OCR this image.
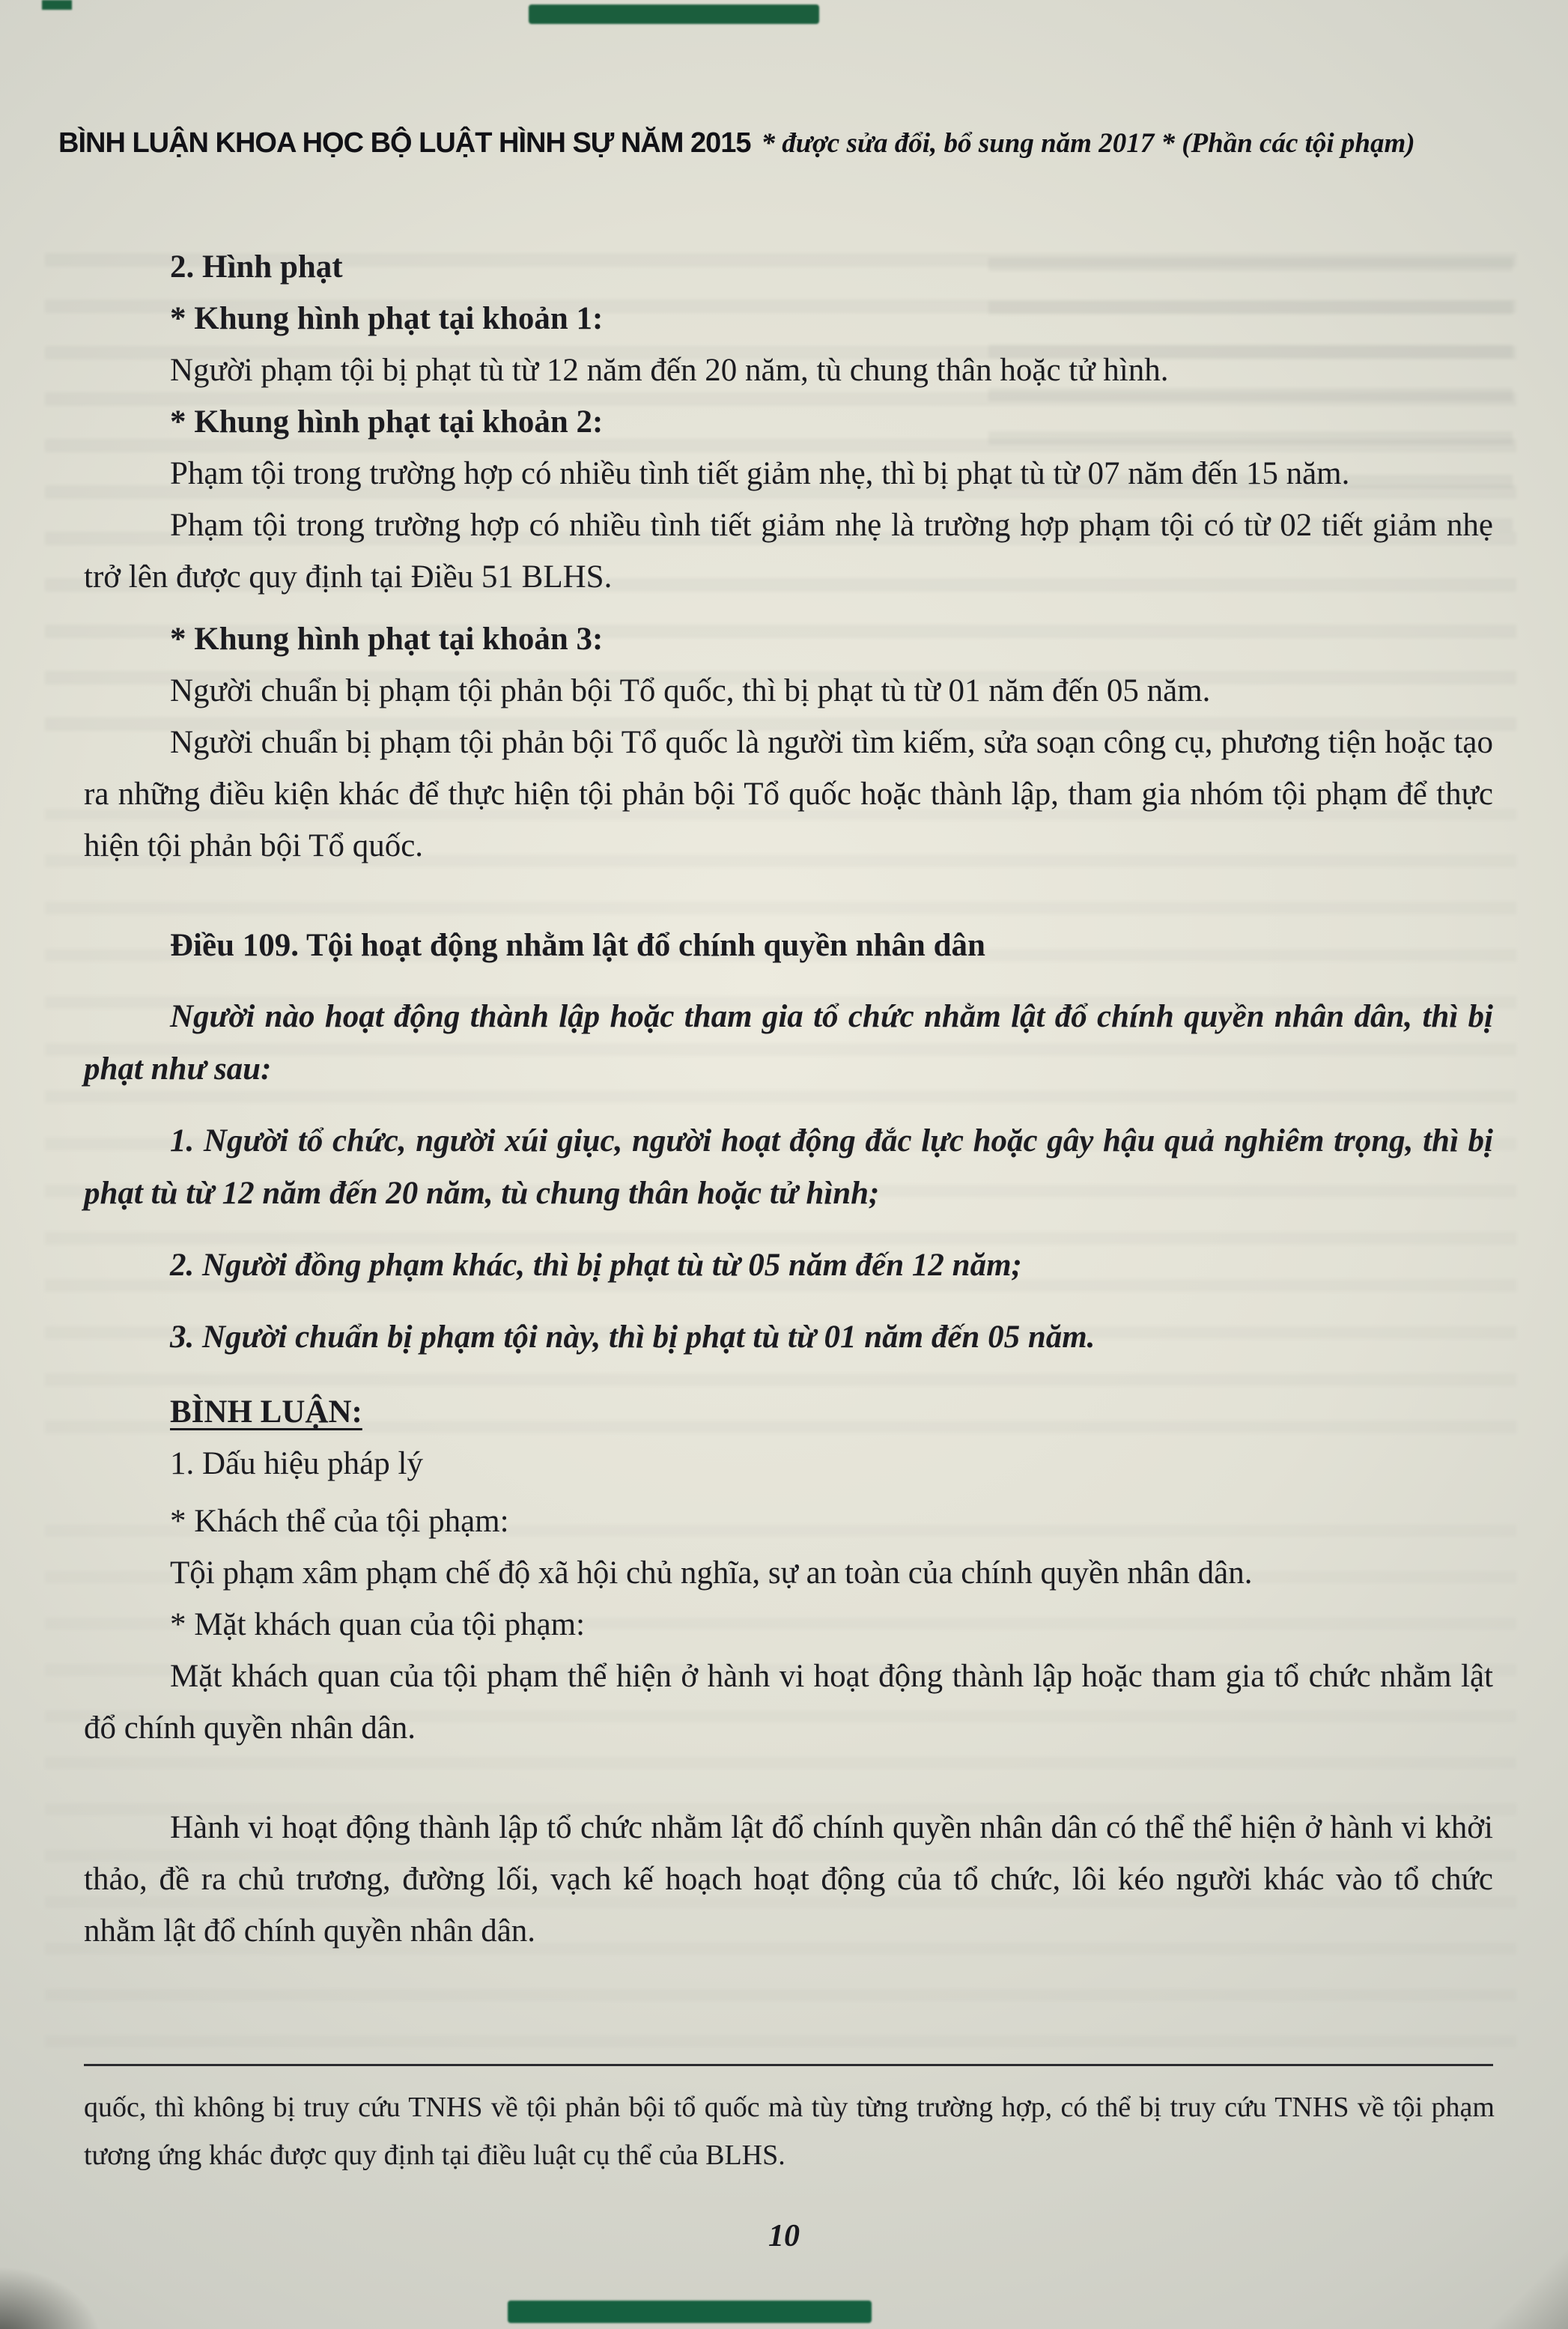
BÌNH LUẬN KHOA HỌC BỘ LUẬT HÌNH SỰ NĂM 2015 * được sửa đổi, bổ sung năm 2017 * (Phần các tội phạm)

2. Hình phạt

* Khung hình phạt tại khoản 1:

Người phạm tội bị phạt tù từ 12 năm đến 20 năm, tù chung thân hoặc tử hình.

* Khung hình phạt tại khoản 2:

Phạm tội trong trường hợp có nhiều tình tiết giảm nhẹ, thì bị phạt tù từ 07 năm đến 15 năm.

Phạm tội trong trường hợp có nhiều tình tiết giảm nhẹ là trường hợp phạm tội có từ 02 tiết giảm nhẹ trở lên được quy định tại Điều 51 BLHS.

* Khung hình phạt tại khoản 3:

Người chuẩn bị phạm tội phản bội Tổ quốc, thì bị phạt tù từ 01 năm đến 05 năm.

Người chuẩn bị phạm tội phản bội Tổ quốc là người tìm kiếm, sửa soạn công cụ, phương tiện hoặc tạo ra những điều kiện khác để thực hiện tội phản bội Tổ quốc hoặc thành lập, tham gia nhóm tội phạm để thực hiện tội phản bội Tổ quốc.

Điều 109. Tội hoạt động nhằm lật đổ chính quyền nhân dân

Người nào hoạt động thành lập hoặc tham gia tổ chức nhằm lật đổ chính quyền nhân dân, thì bị phạt như sau:

1. Người tổ chức, người xúi giục, người hoạt động đắc lực hoặc gây hậu quả nghiêm trọng, thì bị phạt tù từ 12 năm đến 20 năm, tù chung thân hoặc tử hình;

2. Người đồng phạm khác, thì bị phạt tù từ 05 năm đến 12 năm;

3. Người chuẩn bị phạm tội này, thì bị phạt tù từ 01 năm đến 05 năm.

BÌNH LUẬN:

1. Dấu hiệu pháp lý

* Khách thể của tội phạm:

Tội phạm xâm phạm chế độ xã hội chủ nghĩa, sự an toàn của chính quyền nhân dân.

* Mặt khách quan của tội phạm:

Mặt khách quan của tội phạm thể hiện ở hành vi hoạt động thành lập hoặc tham gia tổ chức nhằm lật đổ chính quyền nhân dân.

Hành vi hoạt động thành lập tổ chức nhằm lật đổ chính quyền nhân dân có thể thể hiện ở hành vi khởi thảo, đề ra chủ trương, đường lối, vạch kế hoạch hoạt động của tổ chức, lôi kéo người khác vào tổ chức nhằm lật đổ chính quyền nhân dân.

quốc, thì không bị truy cứu TNHS về tội phản bội tổ quốc mà tùy từng trường hợp, có thể bị truy cứu TNHS về tội phạm tương ứng khác được quy định tại điều luật cụ thể của BLHS.

10
